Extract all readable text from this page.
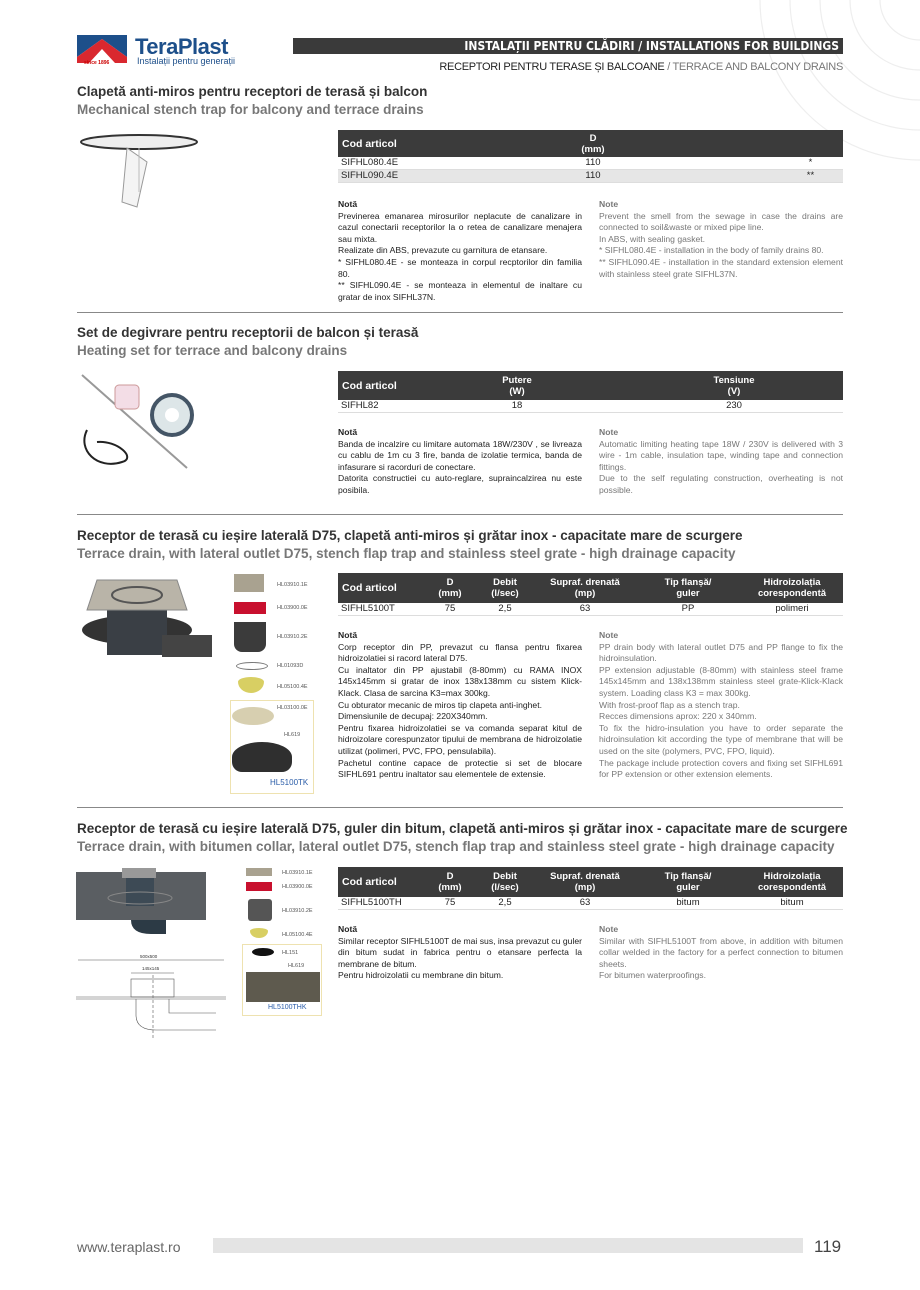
since 1896
TeraPlast
Instalații pentru generații
INSTALAȚII PENTRU CLĂDIRI / INSTALLATIONS FOR BUILDINGS
RECEPTORI PENTRU TERASE ȘI BALCOANE / TERRACE AND BALCONY DRAINS
Clapetă anti-miros pentru receptori de terasă și balcon
Mechanical stench trap for balcony and terrace drains
Cod articol	D
(mm)
SIFHL080.4E	110	*
SIFHL090.4E	110	**
Notă

Previnerea emanarea mirosurilor neplacute de canalizare in cazul conectarii receptorilor la o retea de canalizare menajera sau mixta.

Realizate din ABS, prevazute cu garnitura de etansare.

* SIFHL080.4E - se monteaza in corpul recptorilor din familia 80.

** SIFHL090.4E - se monteaza in elementul de inaltare cu gratar de inox SIFHL37N.

Note

Prevent the smell from the sewage in case the drains are connected to soil&waste or mixed pipe line.

In ABS, with sealing gasket.

* SIFHL080.4E - installation in the body of family drains 80.

** SIFHL090.4E - installation in the standard extension element with stainless steel grate SIFHL37N.

Set de degivrare pentru receptorii de balcon și terasă
Heating set for terrace and balcony drains
Cod articol	Putere
(W)
Tensiune
(V)
SIFHL82	18	230
Notă

Banda de incalzire cu limitare automata 18W/230V , se livreaza cu cablu de 1m cu 3 fire, banda de izolatie termica, banda de infasurare si racorduri de conectare.

Datorita constructiei cu auto-reglare, supraincalzirea nu este posibila.

Note

Automatic limiting heating tape 18W / 230V is delivered with 3 wire - 1m cable, insulation tape, winding tape and connection fittings.

Due to the self regulating construction, overheating is not possible.

Receptor de terasă cu ieșire laterală D75, clapetă anti-miros și grătar inox - capacitate mare de scurgere
Terrace drain, with lateral outlet D75, stench flap trap and stainless steel grate - high drainage capacity
HL03910.1E
HL03900.0E
HL03910.2E
HL01093D
HL05100.4E
HL03100.0E
HL619
HL5100TK
Cod articol	D
(mm)
Debit
(l/sec)
Supraf. drenată
(mp)
Tip flanșă/
guler
Hidroizolația
corespondentă
SIFHL5100T	75	2,5	63	PP	polimeri
Notă

Corp receptor din PP, prevazut cu flansa pentru fixarea hidroizolatiei si racord lateral D75.

Cu inaltator din PP ajustabil (8-80mm) cu RAMA INOX 145x145mm si gratar de inox 138x138mm cu sistem Klick-Klack. Clasa de sarcina K3=max 300kg.

Cu obturator mecanic de miros tip clapeta anti-inghet.

Dimensiunile de decupaj: 220X340mm.

Pentru fixarea hidroizolatiei se va comanda separat kitul de hidroizolare corespunzator tipului de membrana de hidroizolatie utilizat (polimeri, PVC, FPO, pensulabila).

Pachetul contine capace de protectie si set de blocare SIFHL691 pentru inaltator sau elementele de extensie.

Note

PP drain body with lateral outlet D75 and PP flange to fix the hidroinsulation.

PP extension adjustable (8-80mm) with stainless steel frame 145x145mm and 138x138mm stainless steel grate-Klick-Klack system. Loading class K3 = max 300kg.

With frost-proof flap as a stench trap.

Recces dimensions aprox: 220 x 340mm.

To fix the hidro-insulation you have to order separate the hidroinsulation kit according the type of membrane that will be used on the site (polymers, PVC, FPO, liquid).

The package include protection covers and fixing set SIFHL691 for PP extension or other extension elements.

Receptor de terasă cu ieșire laterală D75, guler din bitum, clapetă anti-miros și grătar inox - capacitate mare de scurgere
Terrace drain, with bitumen collar, lateral outlet D75, stench flap trap and stainless steel grate - high drainage capacity
500x500
145x145
HL03910.1E
HL03900.0E
HL03910.2E
HL05100.4E
HL151
HL619
HL5100THK
Cod articol	D
(mm)
Debit
(l/sec)
Supraf. drenată
(mp)
Tip flanșă/
guler
Hidroizolația
corespondentă
SIFHL5100TH	75	2,5	63	bitum	bitum
Notă

Similar receptor SIFHL5100T de mai sus, insa prevazut cu guler din bitum sudat in fabrica pentru o etansare perfecta la membrane de bitum.

Pentru hidroizolatii cu membrane din bitum.

Note

Similar with SIFHL5100T from above, in addition with bitumen collar welded in the factory for a perfect connection to bitumen sheets.

For bitumen waterproofings.

www.teraplast.ro	119
